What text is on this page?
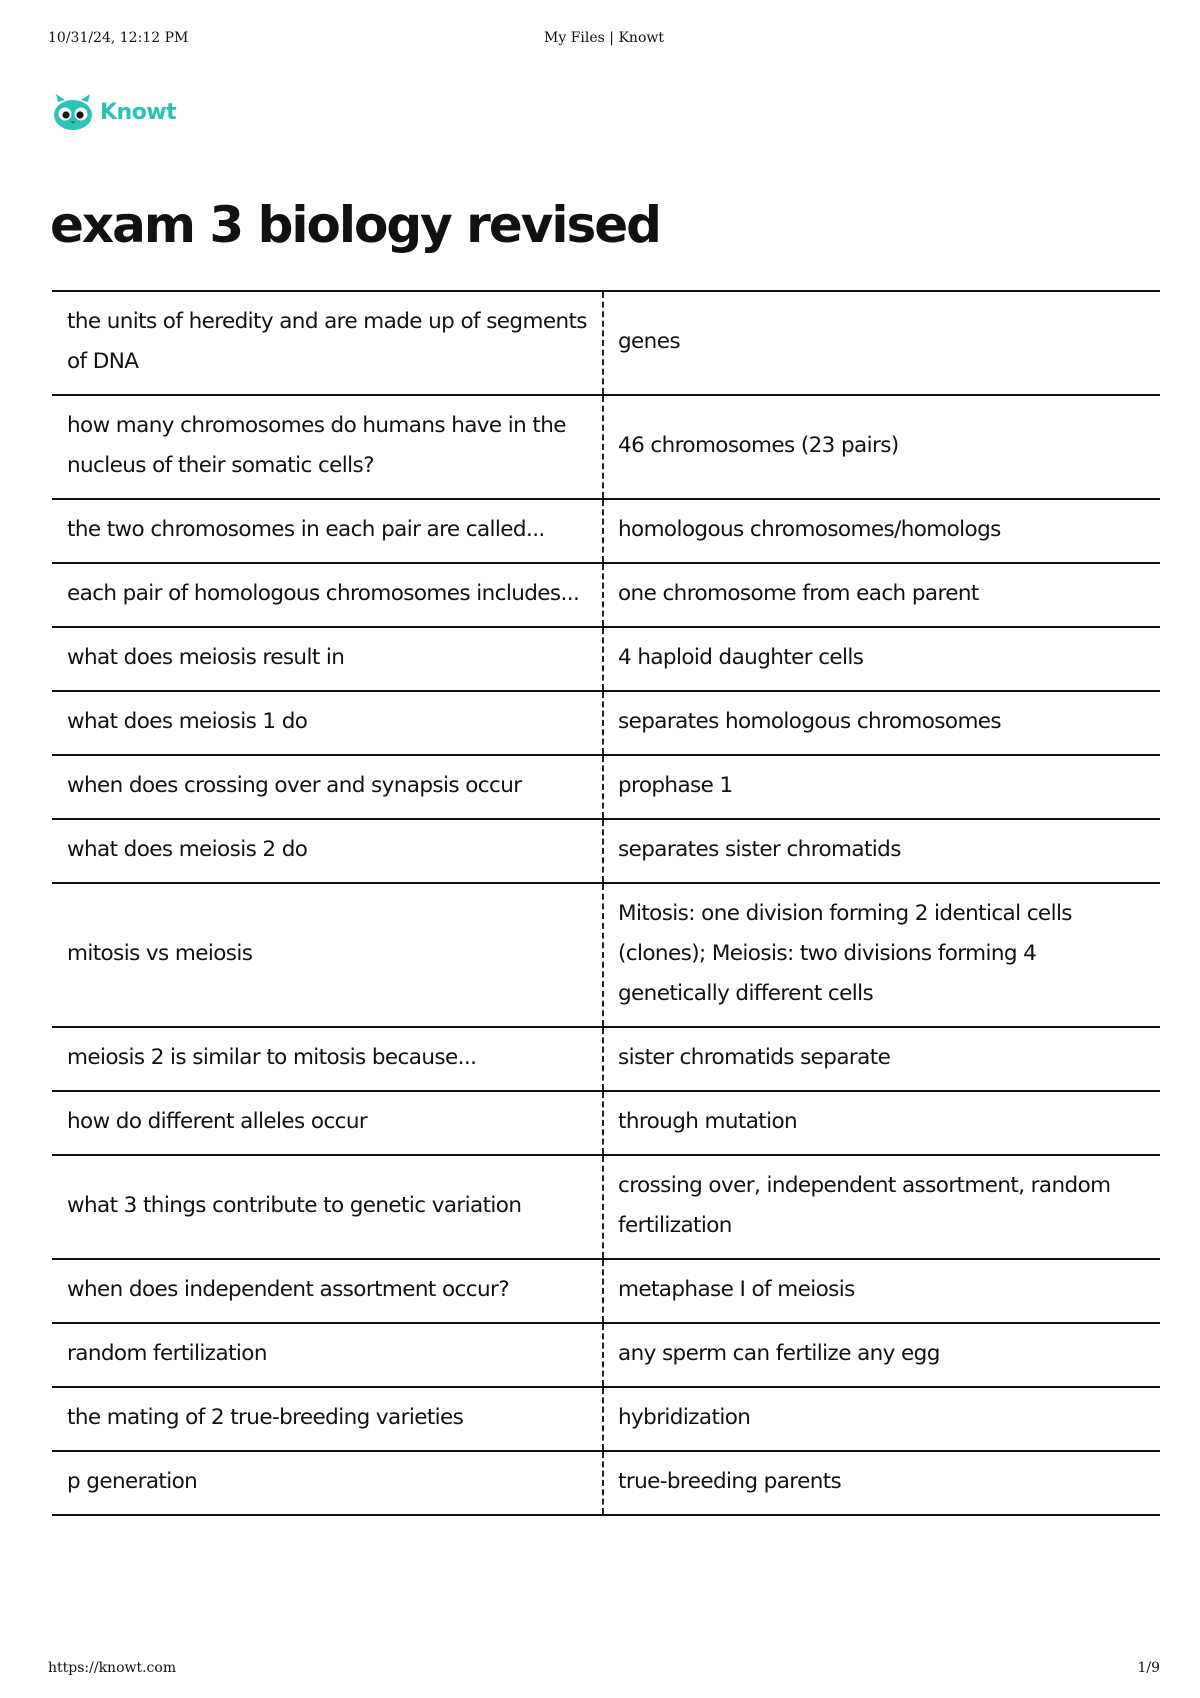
10/31/24, 12:12 PM	My Files | Knowt
Knowt
exam 3 biology revised
the units of heredity and are made up of segments of DNA	genes
how many chromosomes do humans have in the nucleus of their somatic cells?	46 chromosomes (23 pairs)
the two chromosomes in each pair are called...	homologous chromosomes/homologs
each pair of homologous chromosomes includes...	one chromosome from each parent
what does meiosis result in	4 haploid daughter cells
what does meiosis 1 do	separates homologous chromosomes
when does crossing over and synapsis occur	prophase 1
what does meiosis 2 do	separates sister chromatids
mitosis vs meiosis	Mitosis: one division forming 2 identical cells (clones); Meiosis: two divisions forming 4 genetically different cells
meiosis 2 is similar to mitosis because...	sister chromatids separate
how do different alleles occur	through mutation
what 3 things contribute to genetic variation	crossing over, independent assortment, random fertilization
when does independent assortment occur?	metaphase I of meiosis
random fertilization	any sperm can fertilize any egg
the mating of 2 true-breeding varieties	hybridization
p generation	true-breeding parents
https://knowt.com	1/9
